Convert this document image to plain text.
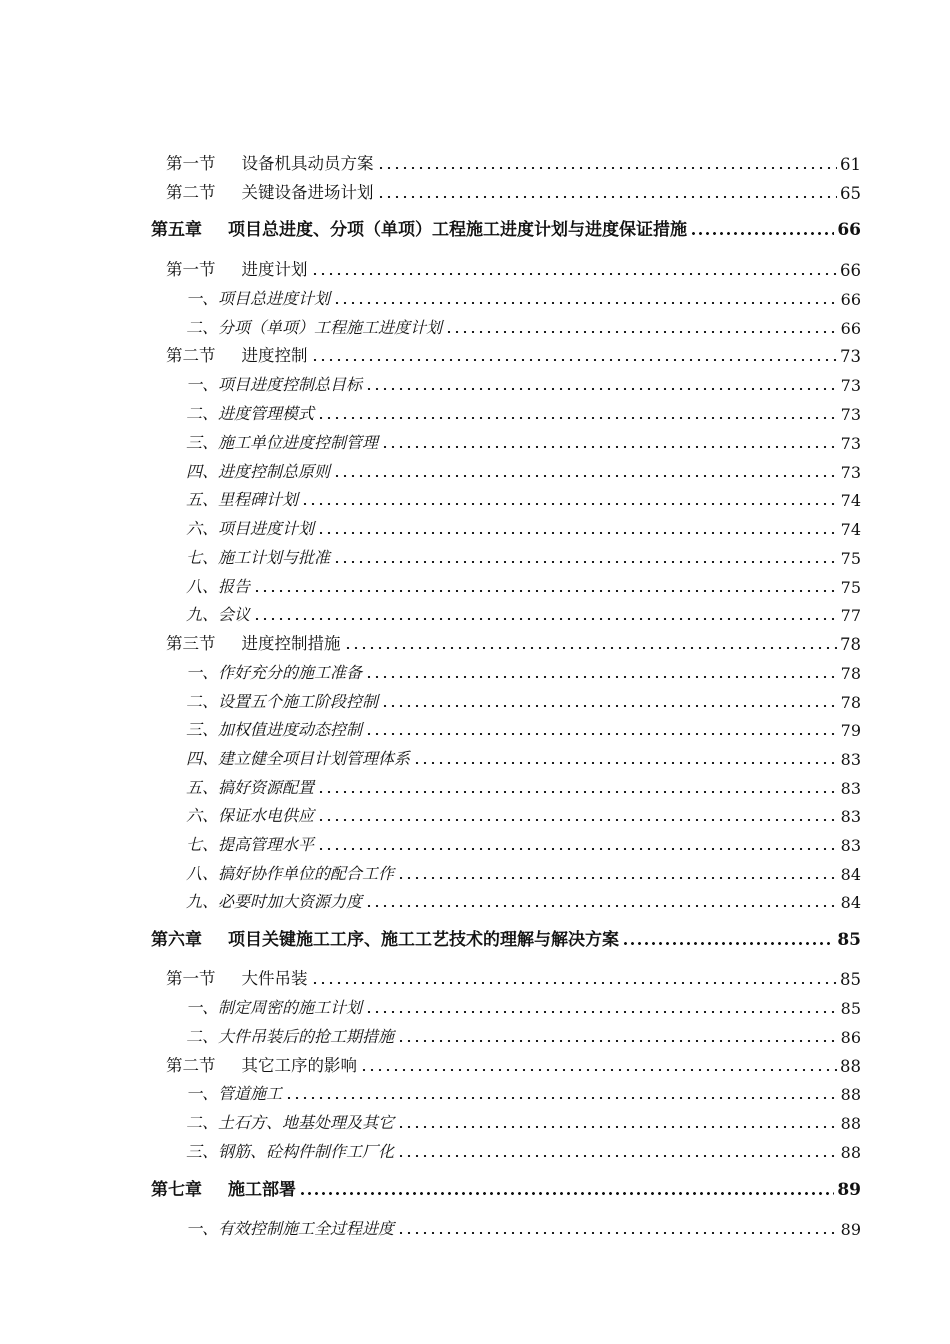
第一节 设备机具动员方案	61
第二节 关键设备进场计划	65
第五章 项目总进度、分项（单项）工程施工进度计划与进度保证措施	66
第一节 进度计划	66
一、 项目总进度计划	66
二、 分项（单项）工程施工进度计划	66
第二节 进度控制	73
一、 项目进度控制总目标	73
二、 进度管理模式	73
三、 施工单位进度控制管理	73
四、 进度控制总原则	73
五、 里程碑计划	74
六、 项目进度计划	74
七、 施工计划与批准	75
八、 报告	75
九、 会议	77
第三节 进度控制措施	78
一、 作好充分的施工准备	78
二、 设置五个施工阶段控制	78
三、 加权值进度动态控制	79
四、 建立健全项目计划管理体系	83
五、 搞好资源配置	83
六、 保证水电供应	83
七、 提高管理水平	83
八、 搞好协作单位的配合工作	84
九、 必要时加大资源力度	84
第六章 项目关键施工工序、施工工艺技术的理解与解决方案	85
第一节 大件吊装	85
一、 制定周密的施工计划	85
二、 大件吊装后的抢工期措施	86
第二节 其它工序的影响	88
一、 管道施工	88
二、 土石方、地基处理及其它	88
三、 钢筋、砼构件制作工厂化	88
第七章 施工部署	89
一、 有效控制施工全过程进度	89
